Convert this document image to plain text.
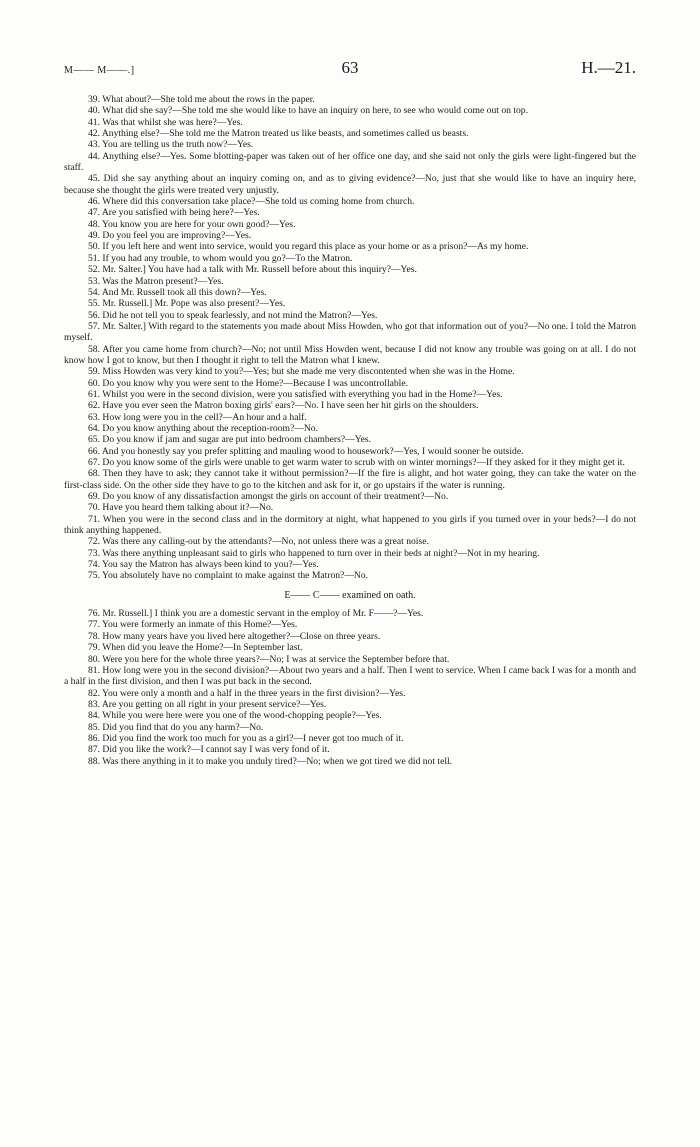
M—— M——.]	63	H.—21.

39. What about?—She told me about the rows in the paper.

40. What did she say?—She told me she would like to have an inquiry on here, to see who would come out on top.

41. Was that whilst she was here?—Yes.

42. Anything else?—She told me the Matron treated us like beasts, and sometimes called us beasts.

43. You are telling us the truth now?—Yes.

44. Anything else?—Yes. Some blotting-paper was taken out of her office one day, and she said not only the girls were light-fingered but the staff.

45. Did she say anything about an inquiry coming on, and as to giving evidence?—No, just that she would like to have an inquiry here, because she thought the girls were treated very unjustly.

46. Where did this conversation take place?—She told us coming home from church.

47. Are you satisfied with being here?—Yes.

48. You know you are here for your own good?—Yes.

49. Do you feel you are improving?—Yes.

50. If you left here and went into service, would you regard this place as your home or as a prison?—As my home.

51. If you had any trouble, to whom would you go?—To the Matron.

52. Mr. Salter.] You have had a talk with Mr. Russell before about this inquiry?—Yes.

53. Was the Matron present?—Yes.

54. And Mr. Russell took all this down?—Yes.

55. Mr. Russell.] Mr. Pope was also present?—Yes.

56. Did he not tell you to speak fearlessly, and not mind the Matron?—Yes.

57. Mr. Salter.] With regard to the statements you made about Miss Howden, who got that information out of you?—No one. I told the Matron myself.

58. After you came home from church?—No; not until Miss Howden went, because I did not know any trouble was going on at all. I do not know how I got to know, but then I thought it right to tell the Matron what I knew.

59. Miss Howden was very kind to you?—Yes; but she made me very discontented when she was in the Home.

60. Do you know why you were sent to the Home?—Because I was uncontrollable.

61. Whilst you were in the second division, were you satisfied with everything you had in the Home?—Yes.

62. Have you ever seen the Matron boxing girls' ears?—No. I have seen her hit girls on the shoulders.

63. How long were you in the cell?—An hour and a half.

64. Do you know anything about the reception-room?—No.

65. Do you know if jam and sugar are put into bedroom chambers?—Yes.

66. And you honestly say you prefer splitting and mauling wood to housework?—Yes, I would sooner be outside.

67. Do you know some of the girls were unable to get warm water to scrub with on winter mornings?—If they asked for it they might get it.

68. Then they have to ask; they cannot take it without permission?—If the fire is alight, and hot water going, they can take the water on the first-class side. On the other side they have to go to the kitchen and ask for it, or go upstairs if the water is running.

69. Do you know of any dissatisfaction amongst the girls on account of their treatment?—No.

70. Have you heard them talking about it?—No.

71. When you were in the second class and in the dormitory at night, what happened to you girls if you turned over in your beds?—I do not think anything happened.

72. Was there any calling-out by the attendants?—No, not unless there was a great noise.

73. Was there anything unpleasant said to girls who happened to turn over in their beds at night?—Not in my hearing.

74. You say the Matron has always been kind to you?—Yes.

75. You absolutely have no complaint to make against the Matron?—No.

E—— C—— examined on oath.

76. Mr. Russell.] I think you are a domestic servant in the employ of Mr. F——?—Yes.

77. You were formerly an inmate of this Home?—Yes.

78. How many years have you lived here altogether?—Close on three years.

79. When did you leave the Home?—In September last.

80. Were you here for the whole three years?—No; I was at service the September before that.

81. How long were you in the second division?—About two years and a half. Then I went to service. When I came back I was for a month and a half in the first division, and then I was put back in the second.

82. You were only a month and a half in the three years in the first division?—Yes.

83. Are you getting on all right in your present service?—Yes.

84. While you were here were you one of the wood-chopping people?—Yes.

85. Did you find that do you any harm?—No.

86. Did you find the work too much for you as a girl?—I never got too much of it.

87. Did you like the work?—I cannot say I was very fond of it.

88. Was there anything in it to make you unduly tired?—No; when we got tired we did not tell.
